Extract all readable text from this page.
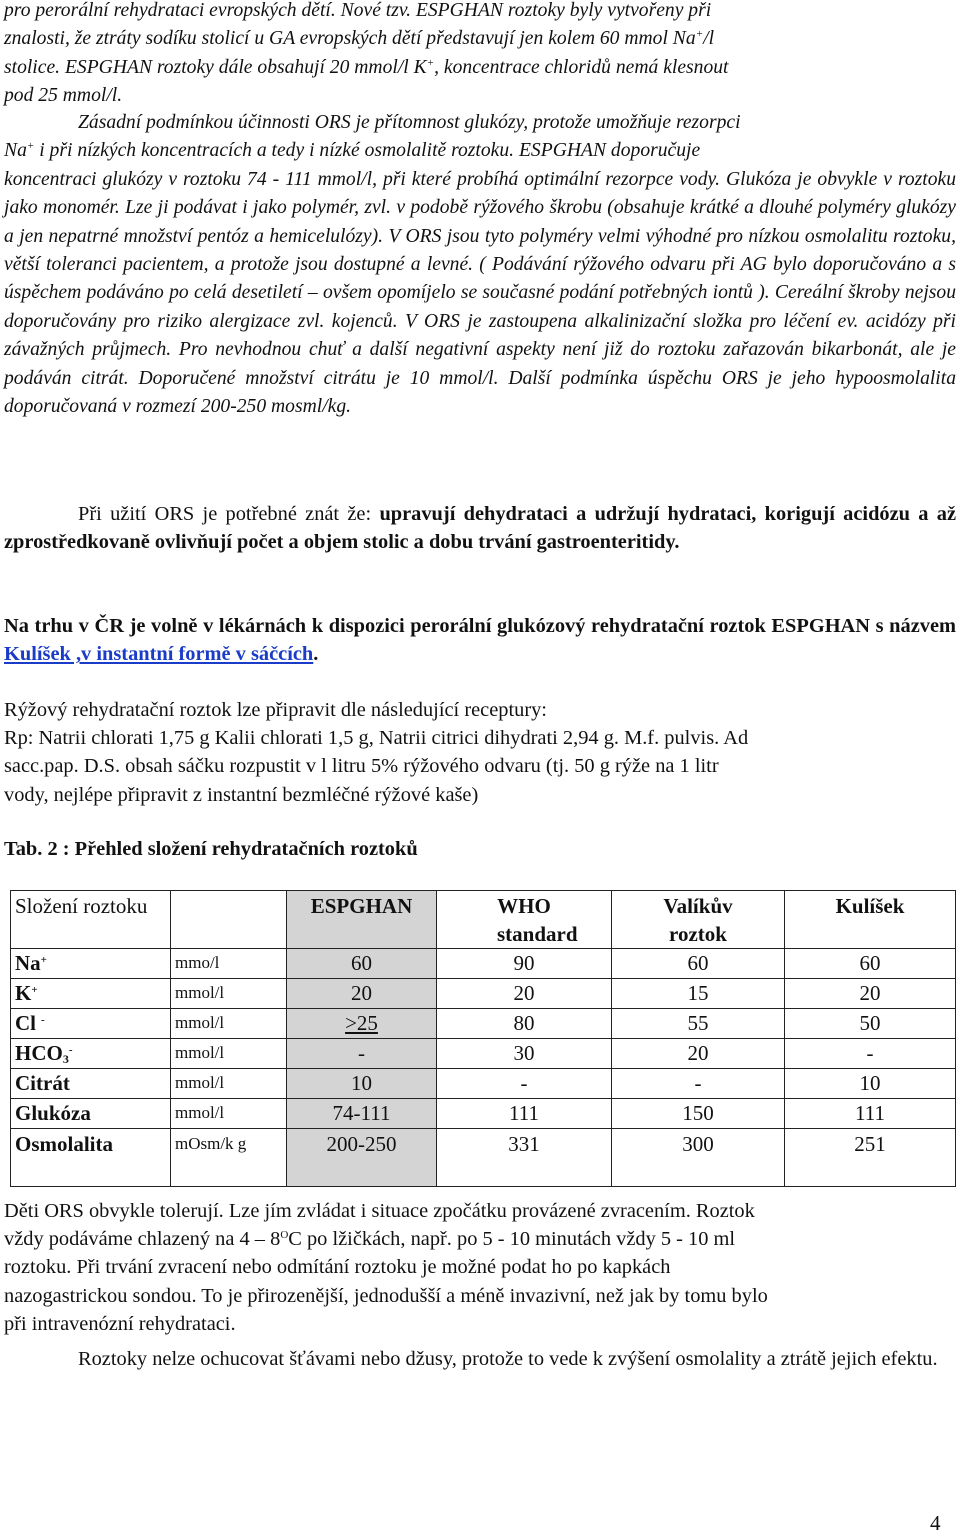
pro perorální rehydrataci evropských dětí. Nové tzv. ESPGHAN roztoky byly vytvořeny při
znalosti, že ztráty sodíku stolicí u GA evropských dětí představují jen kolem 60 mmol Na+/l
stolice. ESPGHAN roztoky dále obsahují 20 mmol/l K+, koncentrace chloridů nemá klesnout
pod 25 mmol/l.
Zásadní podmínkou účinnosti ORS je přítomnost glukózy, protože umožňuje rezorpci
Na+ i při nízkých koncentracích a tedy i nízké osmolalitě roztoku. ESPGHAN doporučuje
koncentraci glukózy v roztoku 74 - 111 mmol/l, při které probíhá optimální rezorpce vody. Glukóza je obvykle v roztoku jako monomér. Lze ji podávat i jako polymér, zvl. v podobě rýžového škrobu (obsahuje krátké a dlouhé polyméry glukózy a jen nepatrné množství pentóz a hemicelulózy). V ORS jsou tyto polyméry velmi výhodné pro nízkou osmolalitu roztoku, větší toleranci pacientem, a protože jsou dostupné a levné. ( Podávání rýžového odvaru při AG bylo doporučováno a s úspěchem podáváno po celá desetiletí – ovšem opomíjelo se současné podání potřebných iontů ). Cereální škroby nejsou doporučovány pro riziko alergizace zvl. kojenců. V ORS je zastoupena alkalinizační složka pro léčení ev. acidózy při závažných průjmech. Pro nevhodnou chuť a další negativní aspekty není již do roztoku zařazován bikarbonát, ale je podáván citrát. Doporučené množství citrátu je 10 mmol/l. Další podmínka úspěchu ORS je jeho hypoosmolalita doporučovaná v rozmezí 200-250 mosml/kg.
Při užití ORS je potřebné znát že: upravují dehydrataci a udržují hydrataci, korigují acidózu a až zprostředkovaně ovlivňují počet a objem stolic a dobu trvání gastroenteritidy.
Na trhu v ČR je volně v lékárnách k dispozici perorální glukózový rehydratační roztok ESPGHAN s názvem Kulíšek ,v instantní formě v sáčcích.
Rýžový rehydratační roztok lze připravit dle následující receptury:
Rp: Natrii chlorati 1,75 g Kalii chlorati 1,5 g, Natrii citrici dihydrati 2,94 g. M.f. pulvis. Ad
sacc.pap. D.S. obsah sáčku rozpustit v l litru 5% rýžového odvaru (tj. 50 g rýže na 1 litr
vody, nejlépe připravit z instantní bezmléčné rýžové kaše)
Tab. 2 : Přehled složení rehydratačních roztoků
Složení roztoku		ESPGHAN	WHO standard	Valíkův roztok	Kulíšek
Na+	mmo/l	60	90	60	60
K+	mmol/l	20	20	15	20
Cl -	mmol/l	>25	80	55	50
$HCO_3^-$	mmol/l	-	30	20	-
Citrát	mmol/l	10	-	-	10
Glukóza	mmol/l	74-111	111	150	111
Osmolalita	mOsm/k g	200-250	331	300	251
Děti ORS obvykle tolerují. Lze jím zvládat i situace zpočátku provázené zvracením. Roztok
vždy podáváme chlazený na $4 - 8^OC$ po lžičkách, např. po 5 - 10 minutách vždy 5 - 10 ml
roztoku. Při trvání zvracení nebo odmítání roztoku je možné podat ho po kapkách
nazogastrickou sondou. To je přirozenější, jednodušší a méně invazivní, než jak by tomu bylo
při intravenózní rehydrataci.
Roztoky nelze ochucovat šťávami nebo džusy, protože to vede k zvýšení osmolality a ztrátě jejich efektu.
4
